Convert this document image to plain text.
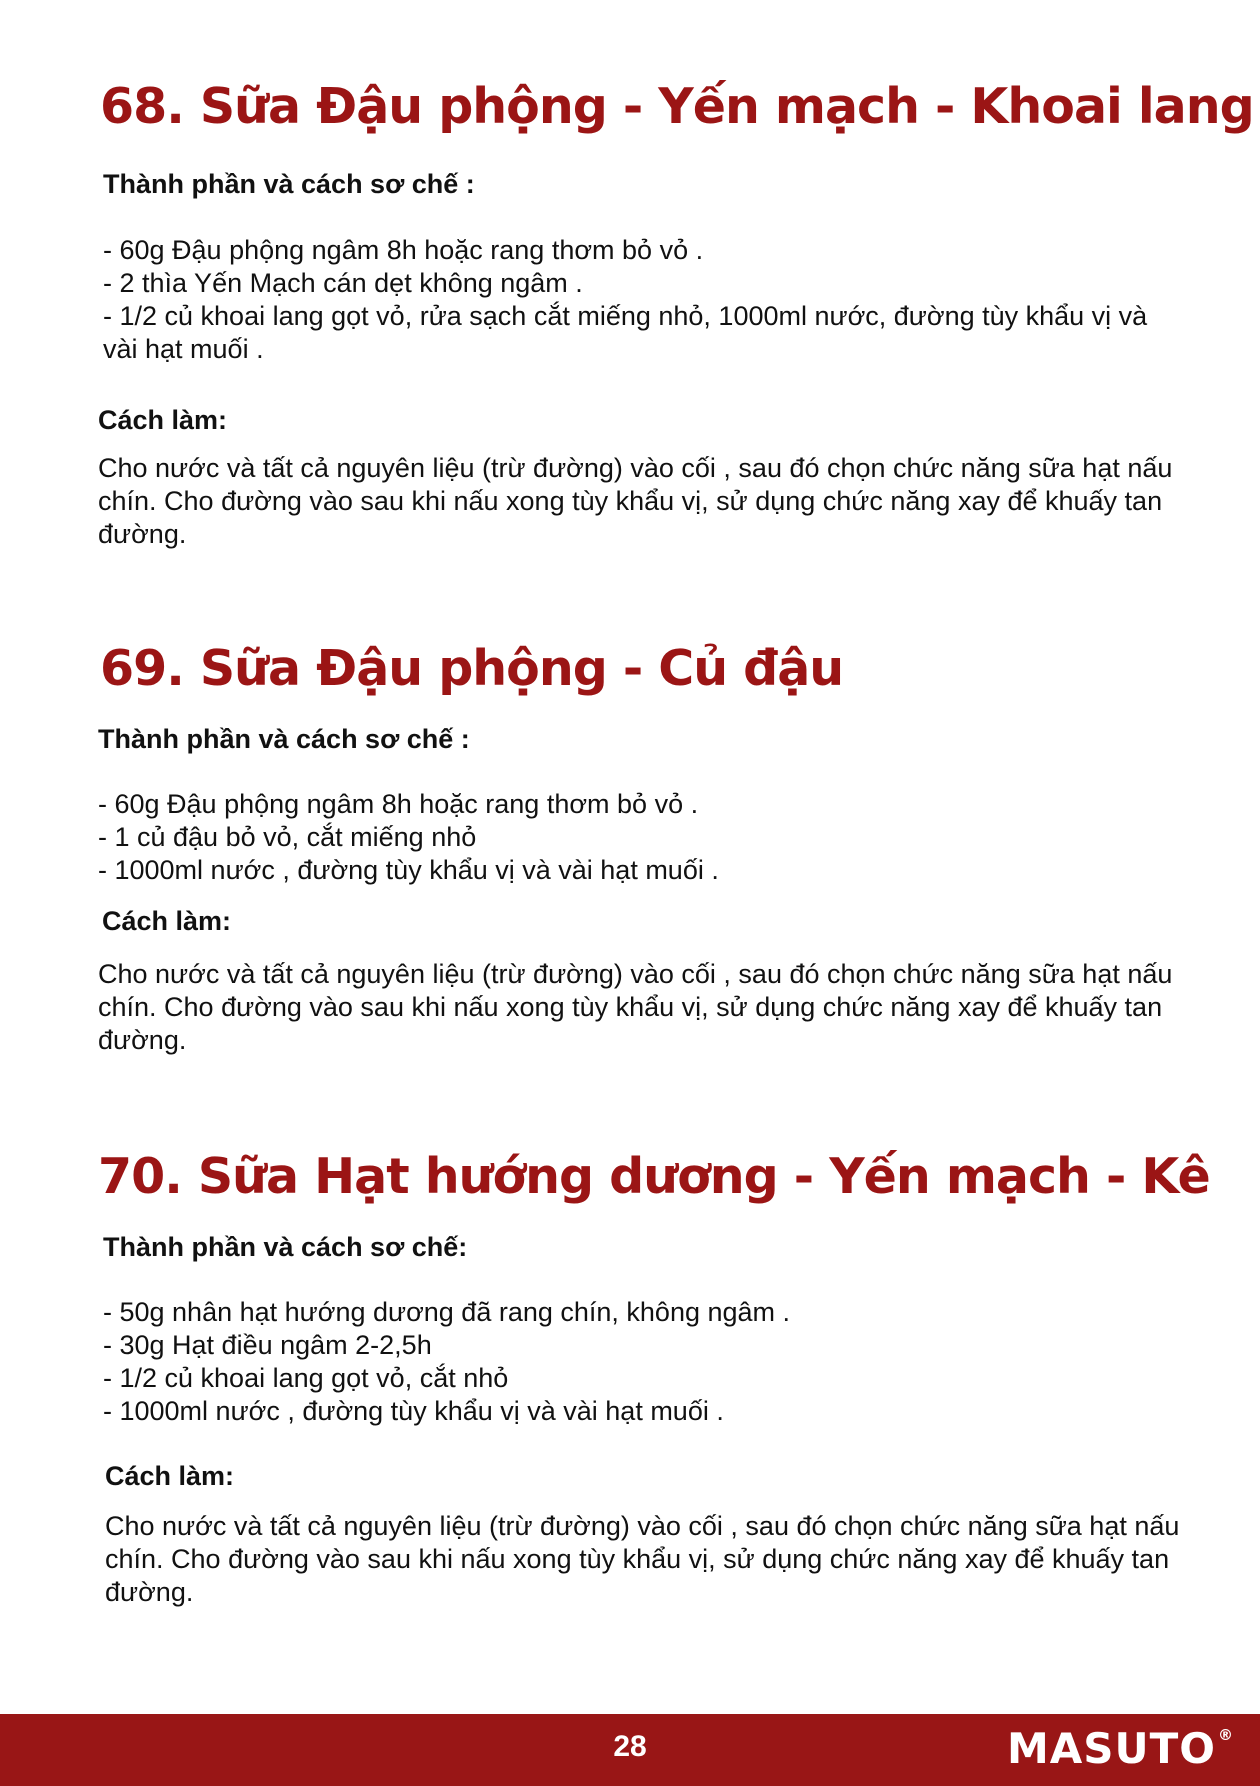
68. Sữa Đậu phộng - Yến mạch - Khoai lang
Thành phần và cách sơ chế :
- 60g Đậu phộng ngâm 8h hoặc rang thơm bỏ vỏ .
- 2 thìa Yến Mạch cán dẹt không ngâm .
- 1/2 củ khoai lang gọt vỏ, rửa sạch cắt miếng nhỏ, 1000ml nước, đường tùy khẩu vị và vài hạt muối .
Cách làm:

Cho nước và tất cả nguyên liệu (trừ đường) vào cối , sau đó chọn chức năng sữa hạt nấu chín. Cho đường vào sau khi nấu xong tùy khẩu vị, sử dụng chức năng xay để khuấy tan đường.

69. Sữa Đậu phộng - Củ đậu
Thành phần và cách sơ chế :
- 60g Đậu phộng ngâm 8h hoặc rang thơm bỏ vỏ .
- 1 củ đậu bỏ vỏ, cắt miếng nhỏ
- 1000ml nước , đường tùy khẩu vị và vài hạt muối .
Cách làm:

Cho nước và tất cả nguyên liệu (trừ đường) vào cối , sau đó chọn chức năng sữa hạt nấu chín. Cho đường vào sau khi nấu xong tùy khẩu vị, sử dụng chức năng xay để khuấy tan đường.

70. Sữa Hạt hướng dương - Yến mạch - Kê
Thành phần và cách sơ chế:
- 50g nhân hạt hướng dương đã rang chín, không ngâm .
- 30g Hạt điều ngâm 2-2,5h
- 1/2 củ khoai lang gọt vỏ, cắt nhỏ
- 1000ml nước , đường tùy khẩu vị và vài hạt muối .
Cách làm:

Cho nước và tất cả nguyên liệu (trừ đường) vào cối , sau đó chọn chức năng sữa hạt nấu chín. Cho đường vào sau khi nấu xong tùy khẩu vị, sử dụng chức năng xay để khuấy tan đường.

28	MASUTO ®
